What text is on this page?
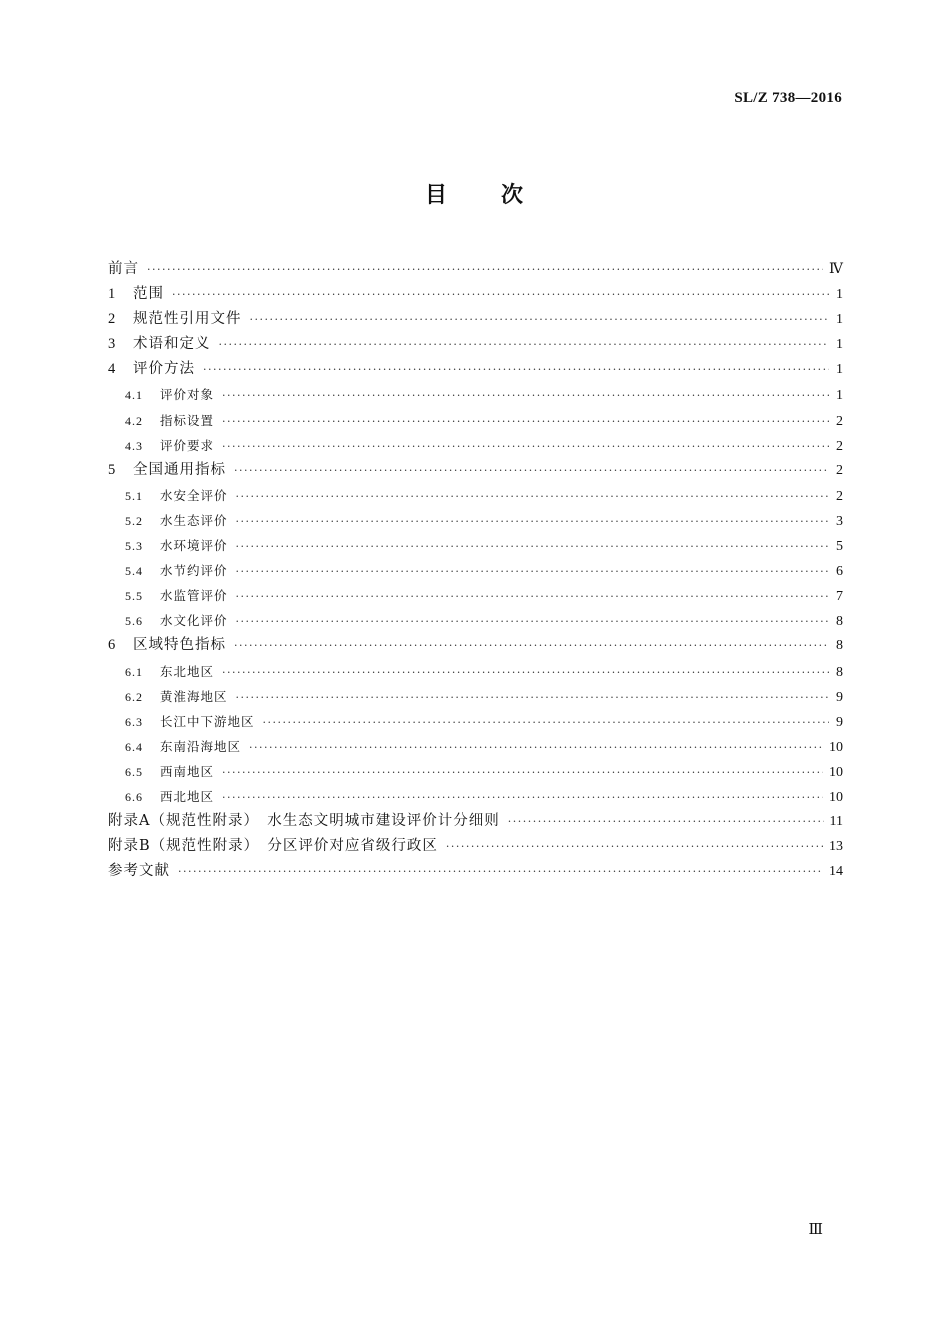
SL/Z 738—2016
目 次
前言 ·····	Ⅳ
1	范围 ·····	1
2	规范性引用文件 ·····	1
3	术语和定义 ·····	1
4	评价方法 ·····	1
4.1	评价对象 ·····	1
4.2	指标设置 ·····	2
4.3	评价要求 ·····	2
5	全国通用指标 ·····	2
5.1	水安全评价 ·····	2
5.2	水生态评价 ·····	3
5.3	水环境评价 ·····	5
5.4	水节约评价 ·····	6
5.5	水监管评价 ·····	7
5.6	水文化评价 ·····	8
6	区域特色指标 ·····	8
6.1	东北地区 ·····	8
6.2	黄淮海地区 ·····	9
6.3	长江中下游地区 ·····	9
6.4	东南沿海地区 ·····	10
6.5	西南地区 ·····	10
6.6	西北地区 ·····	10
附录A（规范性附录）　水生态文明城市建设评价计分细则 ·····	11
附录B（规范性附录）　分区评价对应省级行政区 ·····	13
参考文献 ·····	14
Ⅲ
